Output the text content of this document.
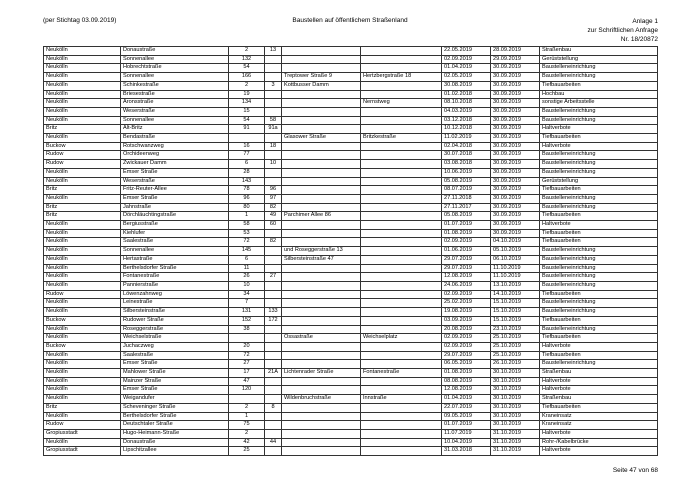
(per Stichtag 03.09.2019)	Baustellen auf öffentlichem Straßenland	Anlage 1
zur Schriftlichen Anfrage
Nr. 18/20872
Neukölln	Donaustraße	2	13			22.05.2019	28.09.2019	Straßenbau
Neukölln	Sonnenallee	132				02.09.2019	29.09.2019	Gerüststellung
Neukölln	Hobrechtstraße	54				01.04.2019	30.09.2019	Baustelleneinrichtung
Neukölln	Sonnenallee	166		Treptower Straße 9	Hertzbergstraße 18	02.05.2019	30.09.2019	Baustelleneinrichtung
Neukölln	Schinkestraße	2	3	Kottbusser Damm		30.08.2019	30.09.2019	Tiefbauarbeiten
Neukölln	Briesestraße	19				01.02.2018	30.09.2019	Hochbau
Neukölln	Aronsstraße	134			Nernstweg	08.10.2018	30.09.2019	sonstige Arbeitsstelle
Neukölln	Weserstraße	15				04.03.2019	30.09.2019	Baustelleneinrichtung
Neukölln	Sonnenallee	54	58			03.12.2018	30.09.2019	Baustelleneinrichtung
Britz	Alt-Britz	91	91a			10.12.2018	30.09.2019	Haltverbote
Neukölln	Bendastraße			Glasower Straße	Britzkestraße	11.02.2019	30.09.2019	Tiefbauarbeiten
Buckow	Rotschwanzweg	16	18			02.04.2018	30.09.2019	Haltverbote
Rudow	Orchideenweg	77				30.07.2018	30.09.2019	Baustelleneinrichtung
Rudow	Zwickauer Damm	6	10			03.08.2018	30.09.2019	Baustelleneinrichtung
Neukölln	Emser Straße	28				10.06.2019	30.09.2019	Baustelleneinrichtung
Neukölln	Weserstraße	143				05.08.2019	30.09.2019	Gerüststellung
Britz	Fritz-Reuter-Allee	78	96			08.07.2019	30.09.2019	Tiefbauarbeiten
Neukölln	Emser Straße	96	97			27.11.2018	30.09.2019	Baustelleneinrichtung
Britz	Jahnstraße	80	82			27.11.2017	30.09.2019	Baustelleneinrichtung
Britz	Dörchläuchtingstraße	1	49	Parchimer Allee 86		05.08.2019	30.09.2019	Tiefbauarbeiten
Neukölln	Bergiusstraße	58	60			01.07.2019	30.09.2019	Haltverbote
Neukölln	Kiehlufer	53				01.08.2019	30.09.2019	Tiefbauarbeiten
Neukölln	Saalestraße	72	82			02.09.2019	04.10.2019	Tiefbauarbeiten
Neukölln	Sonnenallee	145		und Roseggerstraße 13		01.06.2019	05.10.2019	Baustelleneinrichtung
Neukölln	Hertastraße	6		Silbersteinstraße 47		29.07.2019	06.10.2019	Baustelleneinrichtung
Neukölln	Berthelsdorfer Straße	11				29.07.2019	11.10.2019	Baustelleneinrichtung
Neukölln	Fontanestraße	26	27			12.08.2019	11.10.2019	Baustelleneinrichtung
Neukölln	Pannierstraße	10				24.06.2019	13.10.2019	Baustelleneinrichtung
Rudow	Löwenzahnweg	34				02.09.2019	14.10.2019	Tiefbauarbeiten
Neukölln	Leinestraße	7				25.02.2019	15.10.2019	Baustelleneinrichtung
Neukölln	Silbersteinstraße	131	133			19.08.2019	15.10.2019	Baustelleneinrichtung
Buckow	Rudower Straße	152	172			03.09.2019	15.10.2019	Tiefbauarbeiten
Neukölln	Roseggerstraße	38				20.08.2019	23.10.2019	Baustelleneinrichtung
Neukölln	Weichselstraße			Ossastraße	Weichselplatz	02.09.2019	25.10.2019	Tiefbauarbeiten
Buckow	Juchaczweg	20				02.09.2019	25.10.2019	Haltverbote
Neukölln	Saalestraße	72				29.07.2019	25.10.2019	Tiefbauarbeiten
Neukölln	Emser Straße	27				06.05.2019	26.10.2019	Baustelleneinrichtung
Neukölln	Mahlower Straße	17	21A	Lichtenrader Straße	Fontanestraße	01.08.2019	30.10.2019	Straßenbau
Neukölln	Mainzer Straße	47				08.08.2019	30.10.2019	Haltverbote
Neukölln	Emser Straße	120				12.08.2019	30.10.2019	Haltverbote
Neukölln	Weigandufer			Wildenbruchstraße	Innstraße	01.04.2019	30.10.2019	Straßenbau
Britz	Scheveninger Straße	2	8			22.07.2019	30.10.2019	Tiefbauarbeiten
Neukölln	Berthelsdorfer Straße	1				09.05.2019	30.10.2019	Kraneinsatz
Rudow	Deutschtaler Straße	75				01.07.2019	30.10.2019	Kraneinsatz
Gropiusstadt	Hugo-Heimann-Straße	2				11.07.2019	31.10.2019	Haltverbote
Neukölln	Donaustraße	42	44			10.04.2019	31.10.2019	Rohr-/Kabelbrücke
Gropiusstadt	Lipschitzallee	25				31.03.2018	31.10.2019	Haltverbote
Seite 47 von 68
